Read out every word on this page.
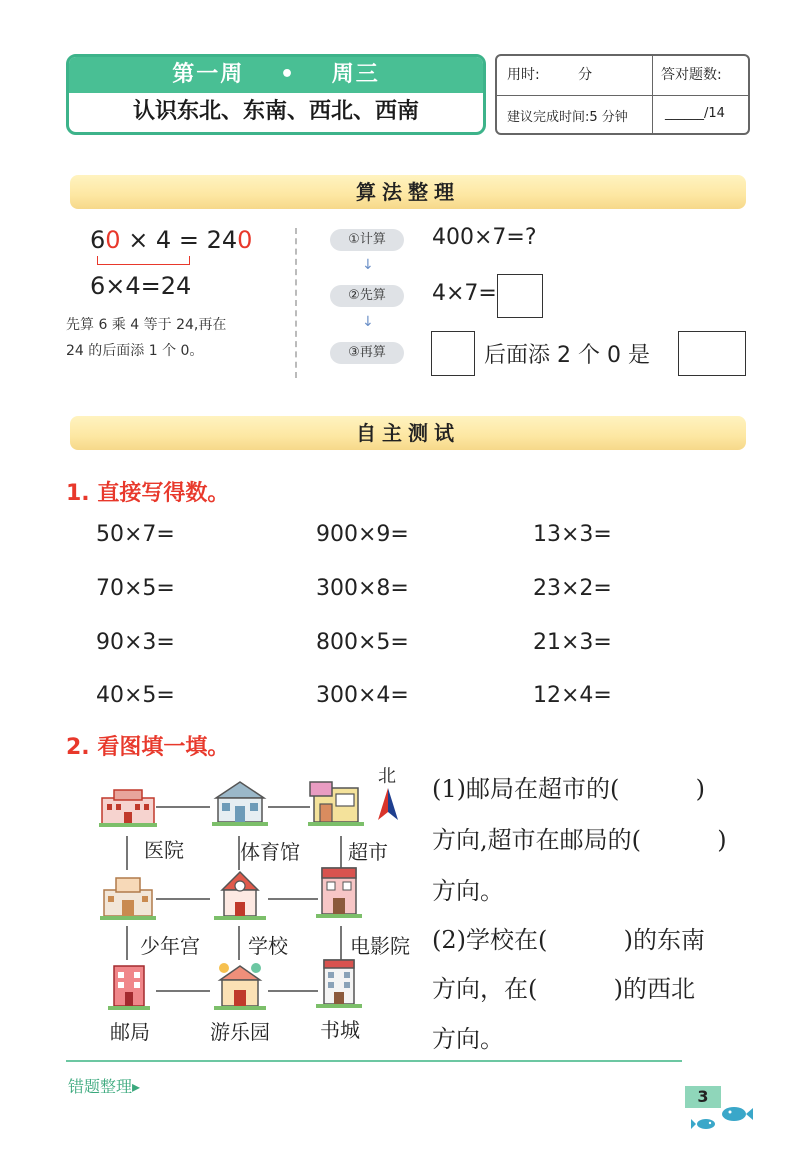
第一周 • 周三
认识东北、东南、西北、西南
用时:	分	答对题数:
建议完成时间:5 分钟	______/14
算法整理
60 × 4 = 240
6×4=24
先算 6 乘 4 等于 24,再在
24 的后面添 1 个 0。
①计算	400×7=?
↓
②先算	4×7=
↓
③再算	后面添 2 个 0 是
自主测试
1. 直接写得数。
50×7=	900×9=	13×3=
70×5=	300×8=	23×2=
90×3=	800×5=	21×3=
40×5=	300×4=	12×4=
2. 看图填一填。
北
医院	体育馆 超市
少年宫 学校	电影院
邮局	游乐园	书城
(1)邮局在超市的(          )
方向,超市在邮局的(          )
方向。
(2)学校在(          )的东南
方向，在(          )的西北
方向。
错题整理▸
3
